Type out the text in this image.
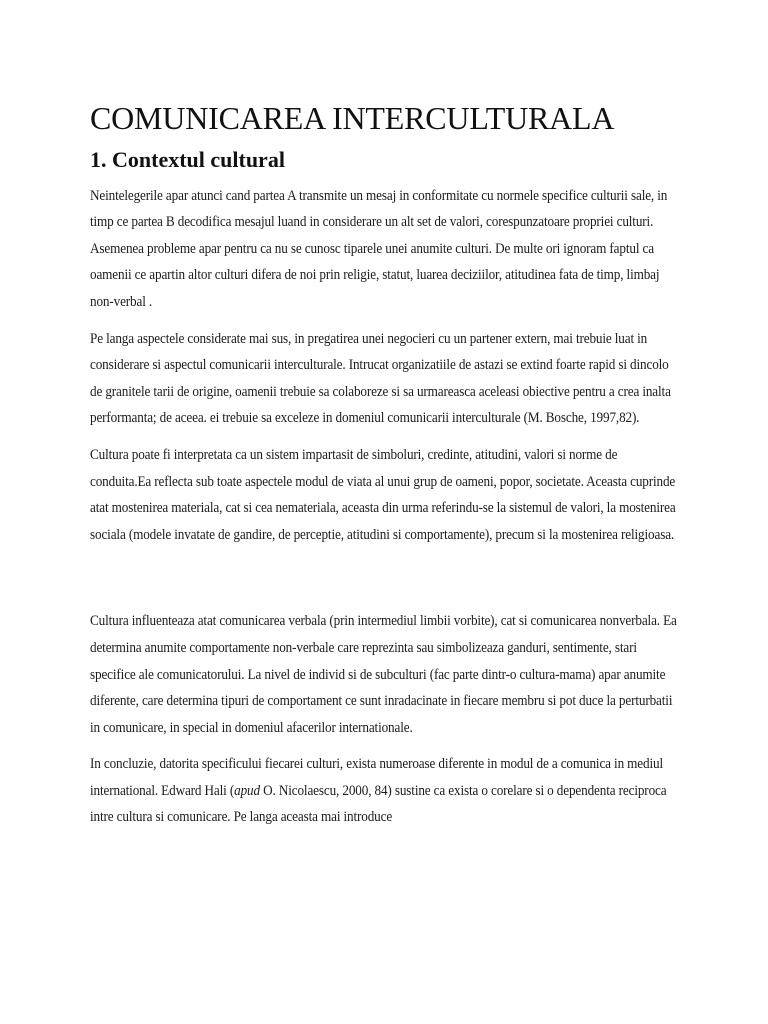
COMUNICAREA INTERCULTURALA
1. Contextul cultural

Neintelegerile apar atunci cand partea A transmite un mesaj in conformitate cu normele specifice culturii sale, in timp ce partea B decodifica mesajul luand in considerare un alt set de valori, corespunzatoare propriei culturi. Asemenea probleme apar pentru ca nu se cunosc tiparele unei anumite culturi. De multe ori ignoram faptul ca oamenii ce apartin altor culturi difera de noi prin religie, statut, luarea deciziilor, atitudinea fata de timp, limbaj non-verbal .

Pe langa aspectele considerate mai sus, in pregatirea unei negocieri cu un partener extern, mai trebuie luat in considerare si aspectul comunicarii interculturale. Intrucat organizatiile de astazi se extind foarte rapid si dincolo de granitele tarii de origine, oamenii trebuie sa colaboreze si sa urmareasca aceleasi obiective pentru a crea inalta performanta; de aceea. ei trebuie sa exceleze in domeniul comunicarii interculturale (M. Bosche, 1997,82).

Cultura poate fi interpretata ca un sistem impartasit de simboluri, credinte, atitudini, valori si norme de conduita.Ea reflecta sub toate aspectele modul de viata al unui grup de oameni, popor, societate. Aceasta cuprinde atat mostenirea materiala, cat si cea nemateriala, aceasta din urma referindu-se la sistemul de valori, la mostenirea sociala (modele invatate de gandire, de perceptie, atitudini si comportamente), precum si la mostenirea religioasa.

Cultura influenteaza atat comunicarea verbala (prin intermediul limbii vorbite), cat si comunicarea nonverbala. Ea determina anumite comportamente non-verbale care reprezinta sau simbolizeaza ganduri, sentimente, stari specifice ale comunicatorului. La nivel de individ si de subculturi (fac parte dintr-o cultura-mama) apar anumite diferente, care determina tipuri de comportament ce sunt inradacinate in fiecare membru si pot duce la perturbatii in comunicare, in special in domeniul afacerilor internationale.

In concluzie, datorita specificului fiecarei culturi, exista numeroase diferente in modul de a comunica in mediul international. Edward Hali (apud O. Nicolaescu, 2000, 84) sustine ca exista o corelare si o dependenta reciproca intre cultura si comunicare. Pe langa aceasta mai introduce
